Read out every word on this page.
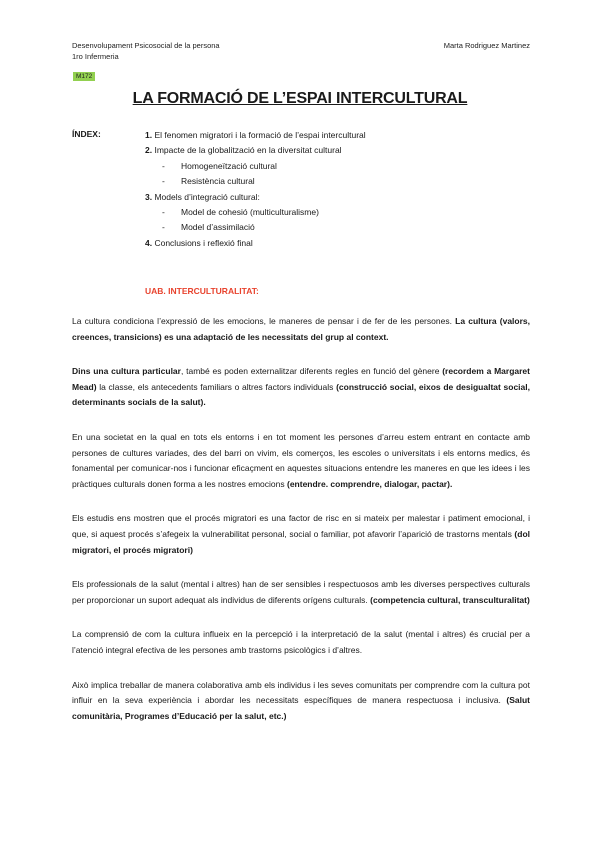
Desenvolupament Psicosocial de la persona
1ro Infermeria
Marta Rodriguez Martinez
M172
LA FORMACIÓ DE L’ESPAI INTERCULTURAL
ÍNDEX:	1. El fenomen migratori i la formació de l’espai intercultural
2. Impacte de la globalització en la diversitat cultural
- Homogeneïtzació cultural
- Resistència cultural
3. Models d’integració cultural:
- Model de cohesió (multiculturalisme)
- Model d’assimilació
4. Conclusions i reflexió final
UAB. INTERCULTURALITAT:

La cultura condiciona l’expressió de les emocions, le maneres de pensar i de fer de les persones. La cultura (valors, creences, transicions) es una adaptació de les necessitats del grup al context.

Dins una cultura particular, també es poden externalitzar diferents regles en funció del gènere (recordem a Margaret Mead) la classe, els antecedents familiars o altres factors individuals (construcció social, eixos de desigualtat social, determinants socials de la salut).

En una societat en la qual en tots els entorns i en tot moment les persones d’arreu estem entrant en contacte amb persones de cultures variades, des del barri on vivim, els comerços, les escoles o universitats i els entorns medics, és fonamental per comunicar-nos i funcionar eficaçment en aquestes situacions entendre les maneres en que les idees i les pràctiques culturals donen forma a les nostres emocions (entendre. comprendre, dialogar, pactar).

Els estudis ens mostren que el procés migratori es una factor de risc en si mateix per malestar i patiment emocional, i que, si aquest procés s’afegeix la vulnerabilitat personal, social o familiar, pot afavorir l’aparició de trastorns mentals (dol migratori, el procés migratori)

Els professionals de la salut (mental i altres) han de ser sensibles i respectuosos amb les diverses perspectives culturals per proporcionar un suport adequat als individus de diferents orígens culturals. (competencia cultural, transculturalitat)

La comprensió de com la cultura influeix en la percepció i la interpretació de la salut (mental i altres) és crucial per a l’atenció integral efectiva de les persones amb trastorns psicològics i d’altres.

Això implica treballar de manera colaborativa amb els individus i les seves comunitats per comprendre com la cultura pot influir en la seva experiència i abordar les necessitats específiques de manera respectuosa i inclusiva. (Salut comunitària, Programes d’Educació per la salut, etc.)
